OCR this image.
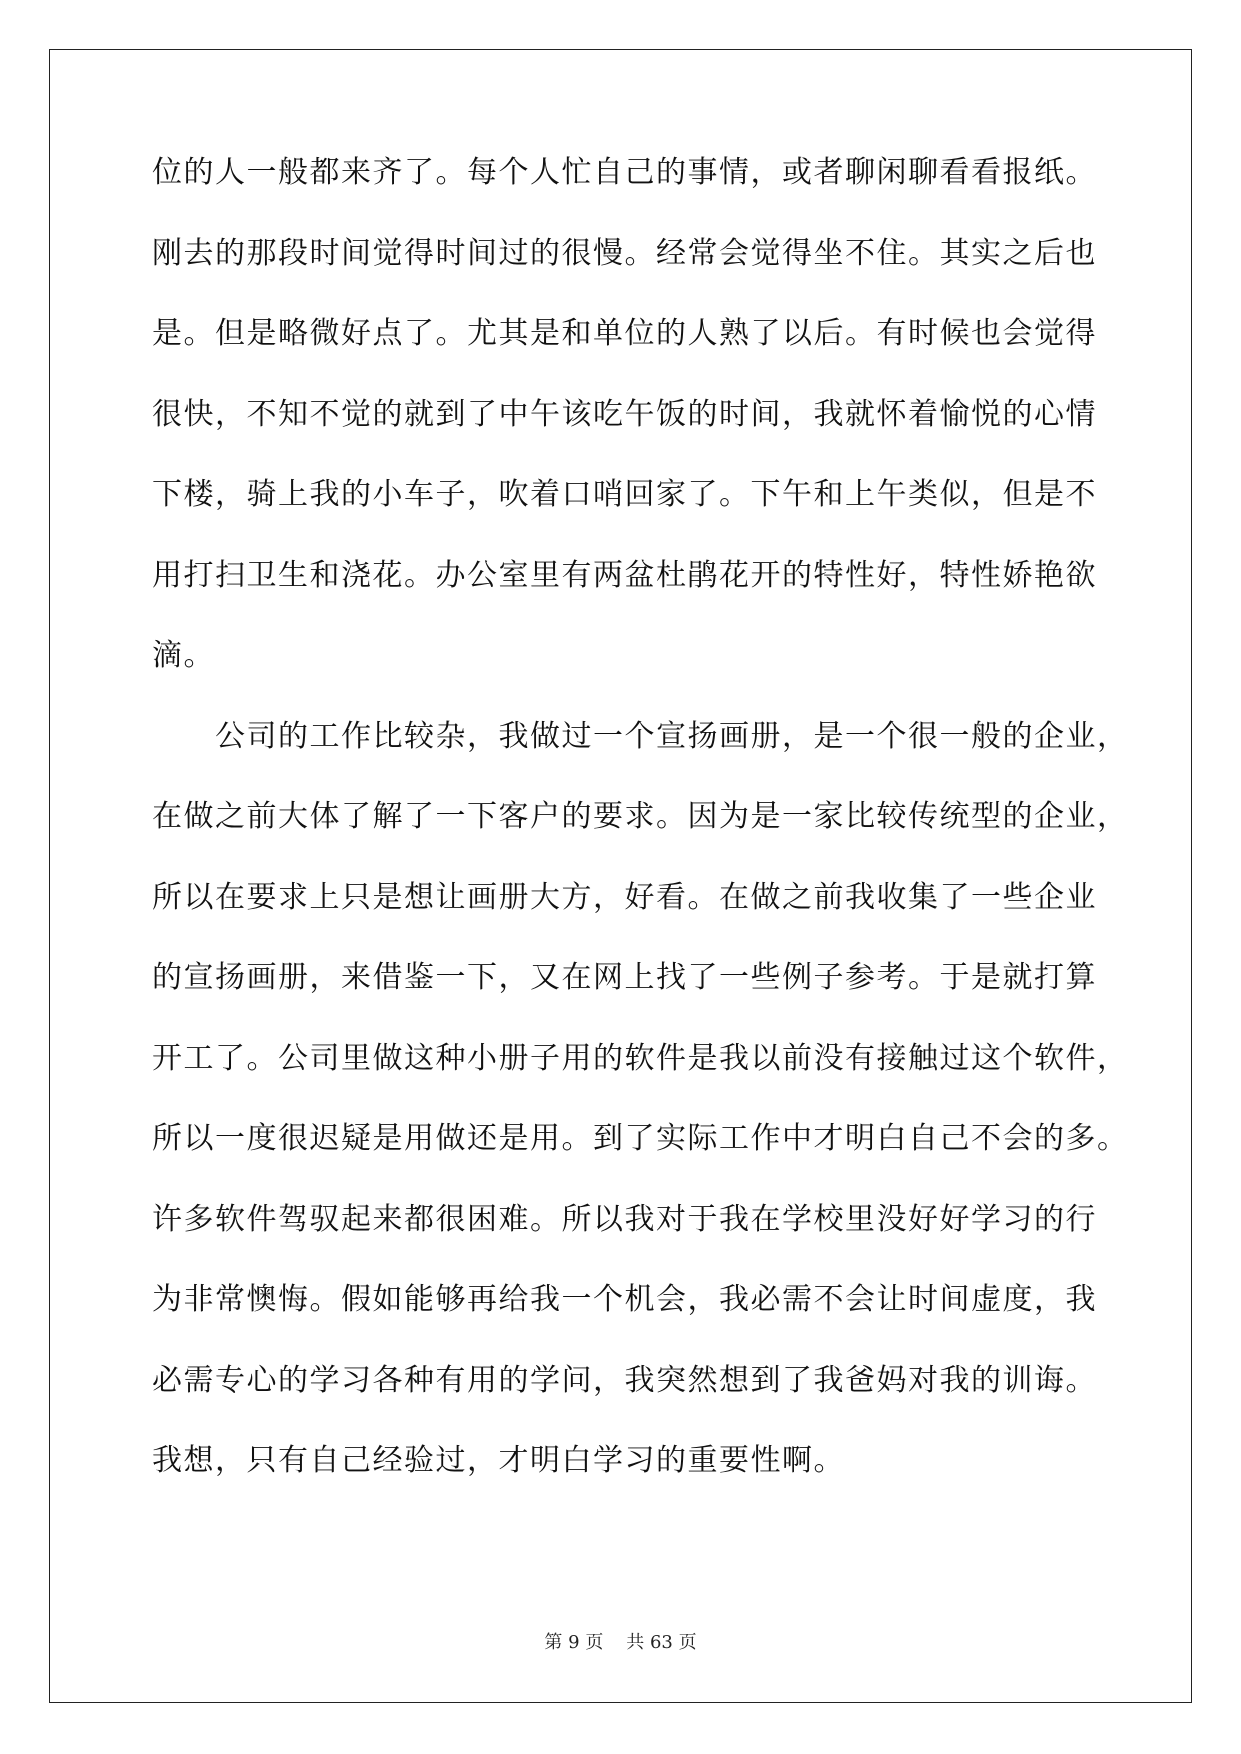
位的人一般都来齐了。每个人忙自己的事情，或者聊闲聊看看报纸。
刚去的那段时间觉得时间过的很慢。经常会觉得坐不住。其实之后也
是。但是略微好点了。尤其是和单位的人熟了以后。有时候也会觉得
很快，不知不觉的就到了中午该吃午饭的时间，我就怀着愉悦的心情
下楼，骑上我的小车子，吹着口哨回家了。下午和上午类似，但是不
用打扫卫生和浇花。办公室里有两盆杜鹃花开的特性好，特性娇艳欲
滴。
　　公司的工作比较杂，我做过一个宣扬画册，是一个很一般的企业，
在做之前大体了解了一下客户的要求。因为是一家比较传统型的企业，
所以在要求上只是想让画册大方，好看。在做之前我收集了一些企业
的宣扬画册，来借鉴一下，又在网上找了一些例子参考。于是就打算
开工了。公司里做这种小册子用的软件是我以前没有接触过这个软件，
所以一度很迟疑是用做还是用。到了实际工作中才明白自己不会的多。
许多软件驾驭起来都很困难。所以我对于我在学校里没好好学习的行
为非常懊悔。假如能够再给我一个机会，我必需不会让时间虚度，我
必需专心的学习各种有用的学问，我突然想到了我爸妈对我的训诲。
我想，只有自己经验过，才明白学习的重要性啊。
第 9 页 共 63 页
